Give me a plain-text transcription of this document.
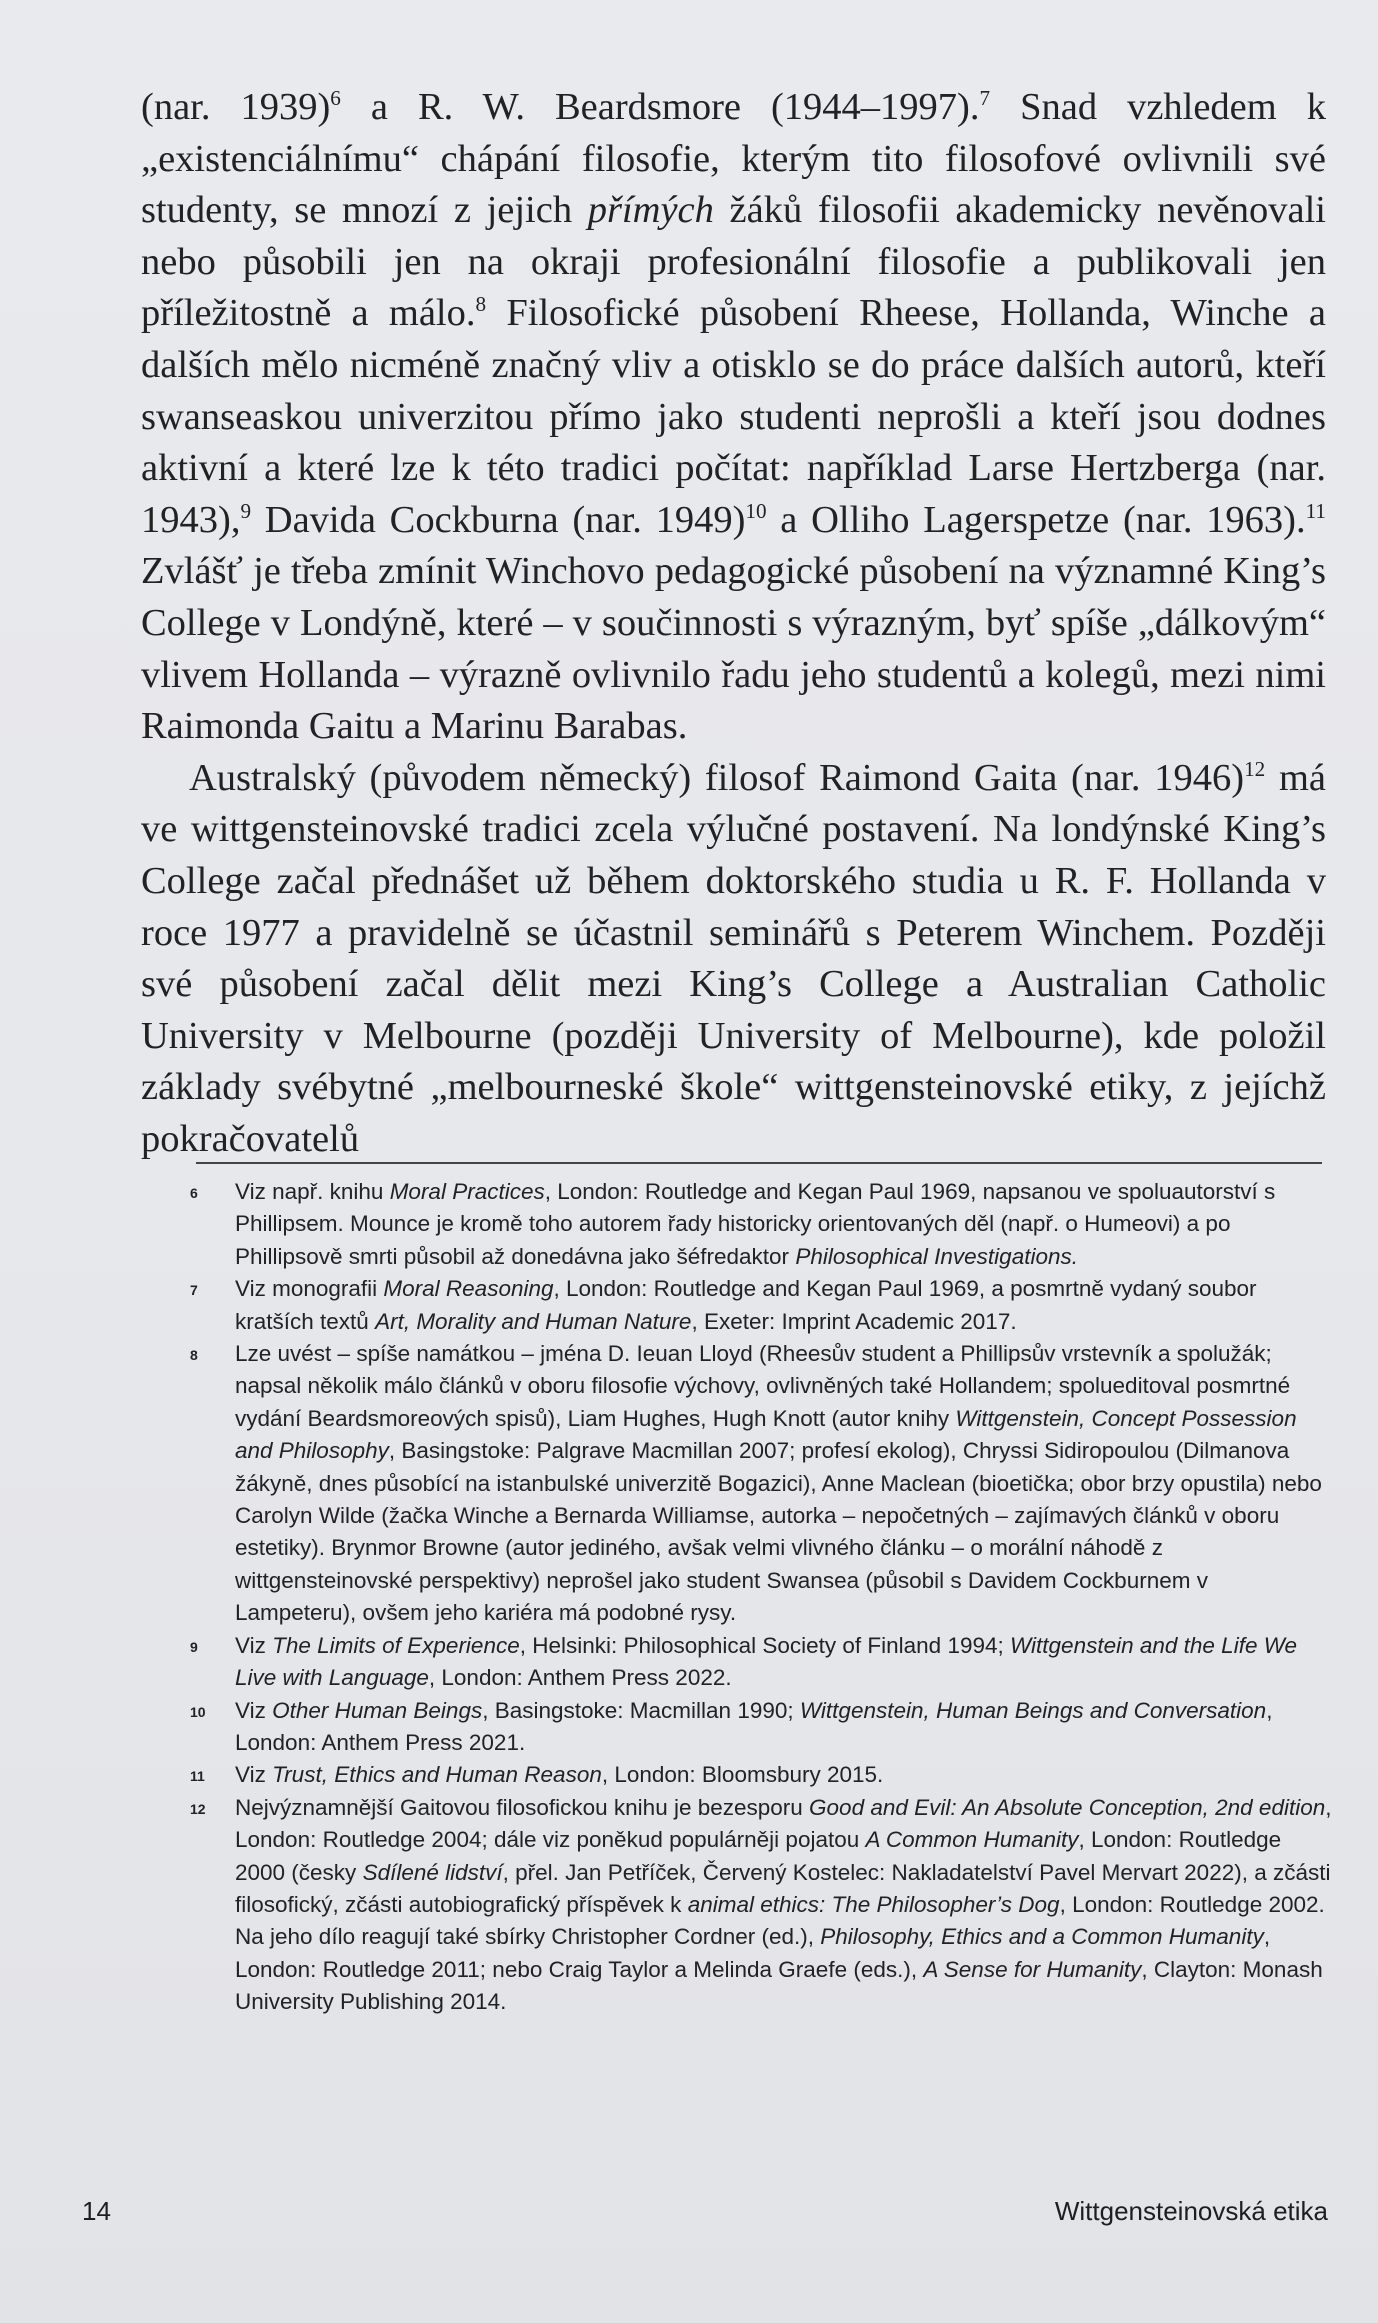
(nar. 1939)$^6$ a R. W. Beardsmore (1944–1997).$^7$ Snad vzhledem k „existenciálnímu“ chápání filosofie, kterým tito filosofové ovlivnili své studenty, se mnozí z jejich přímých žáků filosofii akademicky nevěnovali nebo působili jen na okraji profesionální filosofie a publikovali jen příležitostně a málo.$^8$ Filosofické působení Rheese, Hollanda, Winche a dalších mělo nicméně značný vliv a otisklo se do práce dalších autorů, kteří swanseaskou univerzitou přímo jako studenti neprošli a kteří jsou dodnes aktivní a které lze k této tradici počítat: například Larse Hertzberga (nar. 1943),$^9$ Davida Cockburna (nar. 1949)$^{10}$ a Olliho Lagerspetze (nar. 1963).$^{11}$ Zvlášť je třeba zmínit Winchovo pedagogické působení na významné King’s College v Londýně, které – v součinnosti s výrazným, byť spíše „dálkovým“ vlivem Hollanda – výrazně ovlivnilo řadu jeho studentů a kolegů, mezi nimi Raimonda Gaitu a Marinu Barabas.

Australský (původem německý) filosof Raimond Gaita (nar. 1946)$^{12}$ má ve wittgensteinovské tradici zcela výlučné postavení. Na londýnské King’s College začal přednášet už během doktorského studia u R. F. Hollanda v roce 1977 a pravidelně se účastnil seminářů s Peterem Winchem. Později své působení začal dělit mezi King’s College a Australian Catholic University v Melbourne (později University of Melbourne), kde položil základy svébytné „melbourneské škole“ wittgensteinovské etiky, z jejíchž pokračovatelů

6	Viz např. knihu Moral Practices, London: Routledge and Kegan Paul 1969, napsanou ve spoluautorství s Phillipsem. Mounce je kromě toho autorem řady historicky orientovaných děl (např. o Humeovi) a po Phillipsově smrti působil až donedávna jako šéfredaktor Philosophical Investigations.
7	Viz monografii Moral Reasoning, London: Routledge and Kegan Paul 1969, a posmrtně vydaný soubor kratších textů Art, Morality and Human Nature, Exeter: Imprint Academic 2017.
8	Lze uvést – spíše namátkou – jména D. Ieuan Lloyd (Rheesův student a Phillipsův vrstevník a spolužák; napsal několik málo článků v oboru filosofie výchovy, ovlivněných také Hollandem; spolueditoval posmrtné vydání Beardsmoreových spisů), Liam Hughes, Hugh Knott (autor knihy Wittgenstein, Concept Possession and Philosophy, Basingstoke: Palgrave Macmillan 2007; profesí ekolog), Chryssi Sidiropoulou (Dilmanova žákyně, dnes působící na istanbulské univerzitě Bogazici), Anne Maclean (bioetička; obor brzy opustila) nebo Carolyn Wilde (žačka Winche a Bernarda Williamse, autorka – nepočetných – zajímavých článků v oboru estetiky). Brynmor Browne (autor jediného, avšak velmi vlivného článku – o morální náhodě z wittgensteinovské perspektivy) neprošel jako student Swansea (působil s Davidem Cockburnem v Lampeteru), ovšem jeho kariéra má podobné rysy.
9	Viz The Limits of Experience, Helsinki: Philosophical Society of Finland 1994; Wittgenstein and the Life We Live with Language, London: Anthem Press 2022.
10	Viz Other Human Beings, Basingstoke: Macmillan 1990; Wittgenstein, Human Beings and Conversation, London: Anthem Press 2021.
11	Viz Trust, Ethics and Human Reason, London: Bloomsbury 2015.
12	Nejvýznamnější Gaitovou filosofickou knihu je bezesporu Good and Evil: An Absolute Conception, 2nd edition, London: Routledge 2004; dále viz poněkud populárněji pojatou A Common Humanity, London: Routledge 2000 (česky Sdílené lidství, přel. Jan Petříček, Červený Kostelec: Nakladatelství Pavel Mervart 2022), a zčásti filosofický, zčásti autobiografický příspěvek k animal ethics: The Philosopher’s Dog, London: Routledge 2002. Na jeho dílo reagují také sbírky Christopher Cordner (ed.), Philosophy, Ethics and a Common Humanity, London: Routledge 2011; nebo Craig Taylor a Melinda Graefe (eds.), A Sense for Humanity, Clayton: Monash University Publishing 2014.
14	Wittgensteinovská etika
